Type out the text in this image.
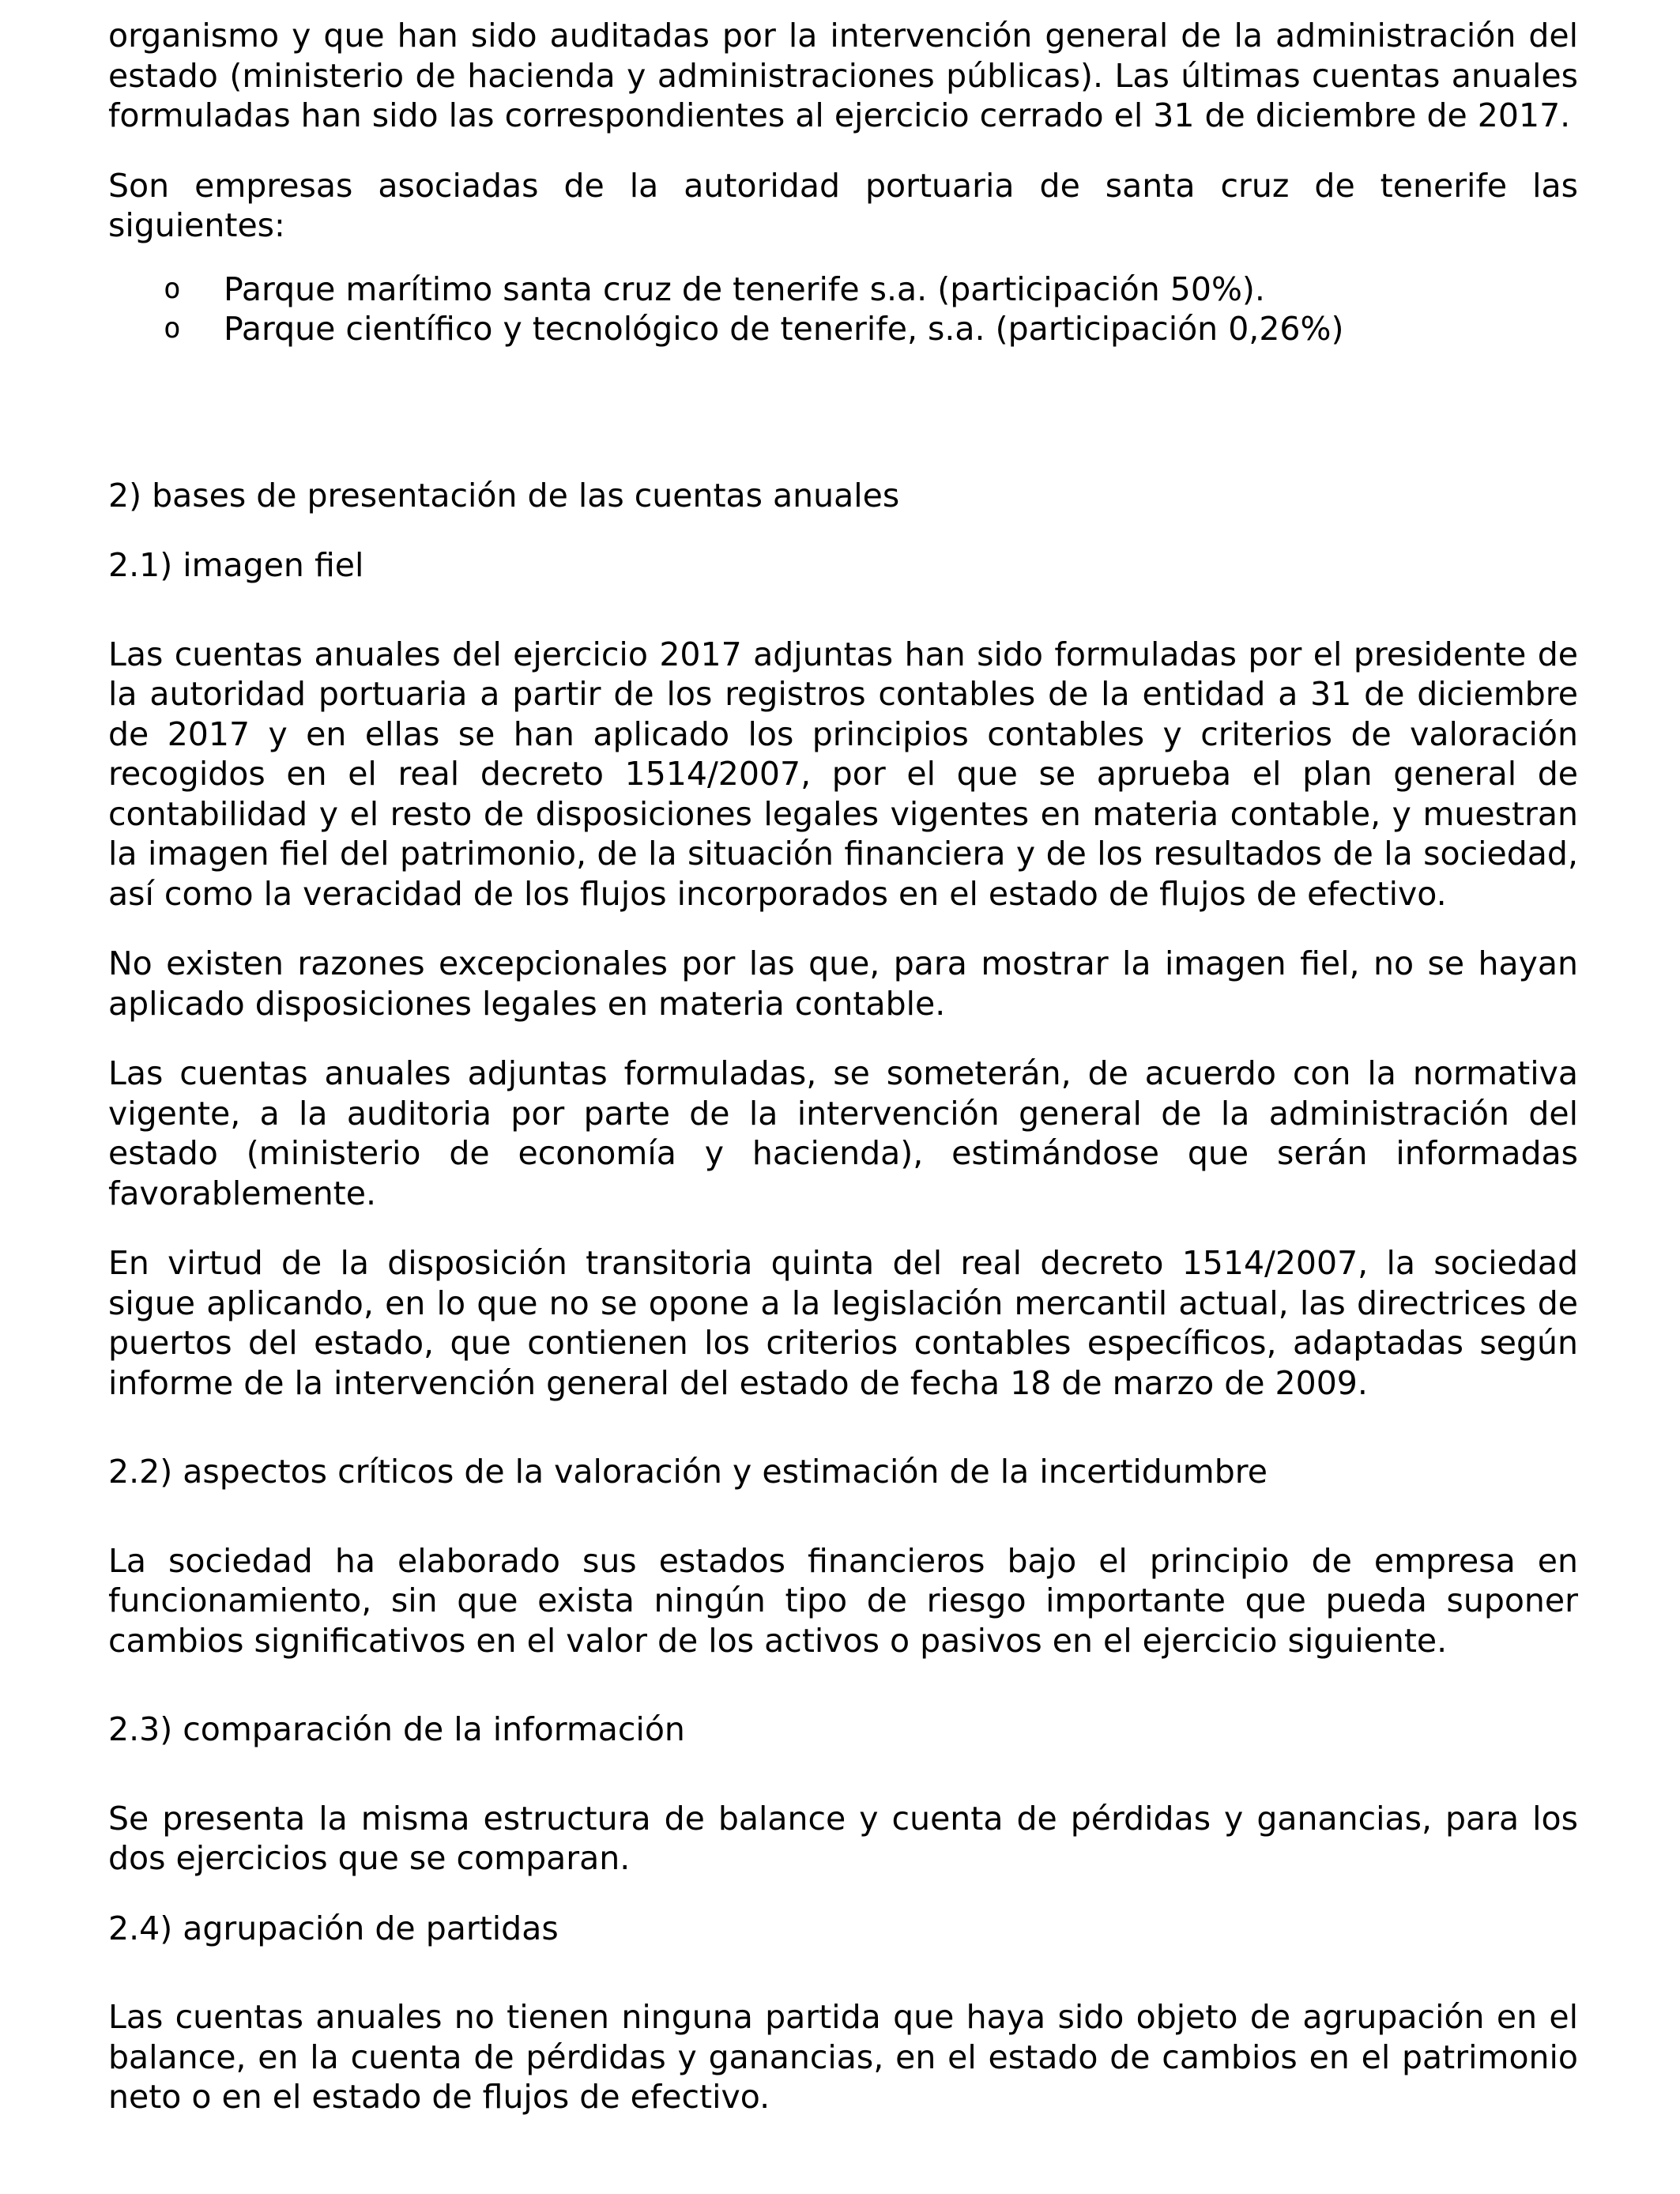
organismo y que han sido auditadas por la intervención general de la administración del estado (ministerio de hacienda y administraciones públicas). Las últimas cuentas anuales formuladas han sido las correspondientes al ejercicio cerrado el 31 de diciembre de 2017.

Son empresas asociadas de la autoridad portuaria de santa cruz de tenerife las siguientes:

o Parque marítimo santa cruz de tenerife s.a. (participación 50%).
o Parque científico y tecnológico de tenerife, s.a. (participación 0,26%)

2) bases de presentación de las cuentas anuales

2.1) imagen fiel

Las cuentas anuales del ejercicio 2017 adjuntas han sido formuladas por el presidente de la autoridad portuaria a partir de los registros contables de la entidad a 31 de diciembre de 2017 y en ellas se han aplicado los principios contables y criterios de valoración recogidos en el real decreto 1514/2007, por el que se aprueba el plan general de contabilidad y el resto de disposiciones legales vigentes en materia contable, y muestran la imagen fiel del patrimonio, de la situación financiera y de los resultados de la sociedad, así como la veracidad de los flujos incorporados en el estado de flujos de efectivo.

No existen razones excepcionales por las que, para mostrar la imagen fiel, no se hayan aplicado disposiciones legales en materia contable.

Las cuentas anuales adjuntas formuladas, se someterán, de acuerdo con la normativa vigente, a la auditoria por parte de la intervención general de la administración del estado (ministerio de economía y hacienda), estimándose que serán informadas favorablemente.

En virtud de la disposición transitoria quinta del real decreto 1514/2007, la sociedad sigue aplicando, en lo que no se opone a la legislación mercantil actual, las directrices de puertos del estado, que contienen los criterios contables específicos, adaptadas según informe de la intervención general del estado de fecha 18 de marzo de 2009.

2.2) aspectos críticos de la valoración y estimación de la incertidumbre

La sociedad ha elaborado sus estados financieros bajo el principio de empresa en funcionamiento, sin que exista ningún tipo de riesgo importante que pueda suponer cambios significativos en el valor de los activos o pasivos en el ejercicio siguiente.

2.3) comparación de la información

Se presenta la misma estructura de balance y cuenta de pérdidas y ganancias, para los dos ejercicios que se comparan.

2.4) agrupación de partidas

Las cuentas anuales no tienen ninguna partida que haya sido objeto de agrupación en el balance, en la cuenta de pérdidas y ganancias, en el estado de cambios en el patrimonio neto o en el estado de flujos de efectivo.
